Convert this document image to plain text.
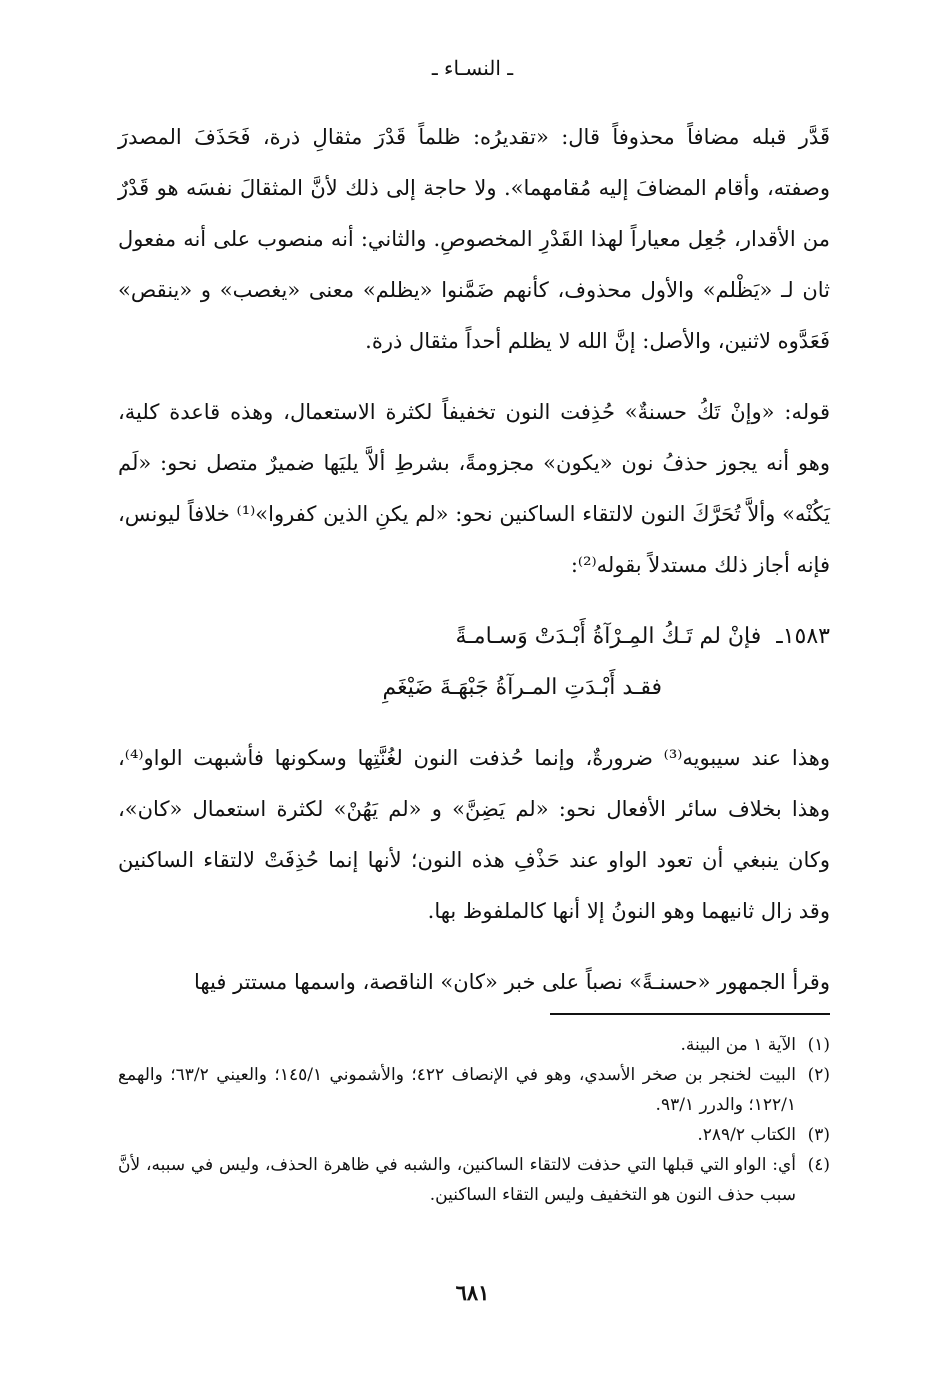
ـ النسـاء ـ

قَدَّر قبله مضافاً محذوفاً قال: «تقديرُه: ظلماً قَدْرَ مثقالِ ذرة، فَحَذَفَ المصدرَ وصفته، وأقام المضافَ إليه مُقامهما». ولا حاجة إلى ذلك لأنَّ المثقالَ نفسَه هو قَدْرٌ من الأقدار، جُعِل معياراً لهذا القَدْرِ المخصوصِ. والثاني: أنه منصوب على أنه مفعول ثان لـ «يَظْلم» والأول محذوف، كأنهم ضَمَّنوا «يظلم» معنى «يغصب» و «ينقص» فَعَدَّوه لاثنين، والأصل: إنَّ الله لا يظلم أحداً مثقال ذرة.

قوله: «وإنْ تَكُ حسنةٌ» حُذِفت النون تخفيفاً لكثرة الاستعمال، وهذه قاعدة كلية، وهو أنه يجوز حذفُ نون «يكون» مجزومةً، بشرطِ ألاَّ يليَها ضميرٌ متصل نحو: «لَم يَكُنْه» وألاَّ تُحَرَّكَ النون لالتقاء الساكنين نحو: «لم يكنِ الذين كفروا»⁽¹⁾ خلافاً ليونس، فإنه أجاز ذلك مستدلاً بقوله⁽²⁾:

١٥٨٣ـ فإنْ لم تَـكُ المِـرْآةُ أَبْـدَتْ وَسـامـةً
فقـد أَبْـدَتِ المـرآةُ جَبْهَـةَ ضَيْغَمِ

وهذا عند سيبويه⁽³⁾ ضرورةٌ، وإنما حُذفت النون لغُنَّتِها وسكونها فأشبهت الواو⁽⁴⁾، وهذا بخلاف سائر الأفعال نحو: «لم يَضِنَّ» و «لم يَهُنْ» لكثرة استعمال «كان»، وكان ينبغي أن تعود الواو عند حَذْفِ هذه النون؛ لأنها إنما حُذِفَتْ لالتقاء الساكنين وقد زال ثانيهما وهو النونُ إلا أنها كالملفوظ بها.

وقرأ الجمهور «حسنـةً» نصباً على خبر «كان» الناقصة، واسمها مستتر فيها

(١)
الآية ١ من البينة.
(٢)
البيت لخنجر بن صخر الأسدي، وهو في الإنصاف ٤٢٢؛ والأشموني ١٤٥/١؛ والعيني ٦٣/٢؛ والهمع ١٢٢/١؛ والدرر ٩٣/١.
(٣)
الكتاب ٢٨٩/٢.
(٤)
أي: الواو التي قبلها التي حذفت لالتقاء الساكنين، والشبه في ظاهرة الحذف، وليس في سببه، لأنَّ سبب حذف النون هو التخفيف وليس التقاء الساكنين.
٦٨١
